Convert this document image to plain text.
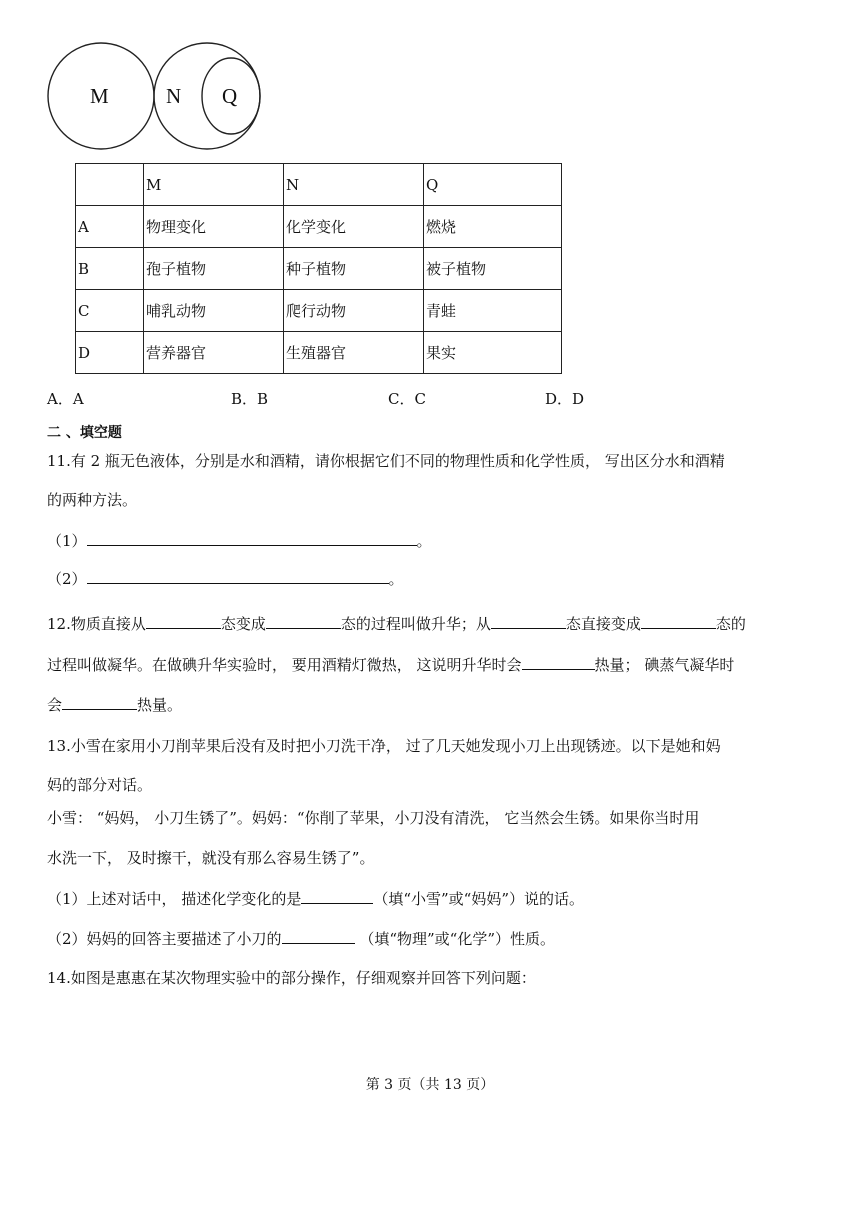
M	N Q
	M	N	Q
A	物理变化	化学变化	燃烧
B	孢子植物	种子植物	被子植物
C	哺乳动物	爬行动物	青蛙
D	营养器官	生殖器官	果实
A．A	B．B	C．C	D．D
二 、填空题
11.有 2 瓶无色液体，分别是水和酒精，请你根据它们不同的物理性质和化学性质， 写出区分水和酒精
的两种方法。
（1）	。
（2）	。
12.物质直接从	态变成	态的过程叫做升华；从	态直接变成	态的
过程叫做凝华。在做碘升华实验时， 要用酒精灯微热， 这说明升华时会	热量； 碘蒸气凝华时
会	热量。
13.小雪在家用小刀削苹果后没有及时把小刀洗干净， 过了几天她发现小刀上出现锈迹。以下是她和妈
妈的部分对话。
小雪： “妈妈， 小刀生锈了”。妈妈：“你削了苹果，小刀没有清洗， 它当然会生锈。如果你当时用
水洗一下， 及时擦干，就没有那么容易生锈了”。
（1）上述对话中， 描述化学变化的是	（填“小雪”或“妈妈”）说的话。
（2）妈妈的回答主要描述了小刀的	（填“物理”或“化学”）性质。
14.如图是惠惠在某次物理实验中的部分操作，仔细观察并回答下列问题：
第 3 页（共 13 页）
